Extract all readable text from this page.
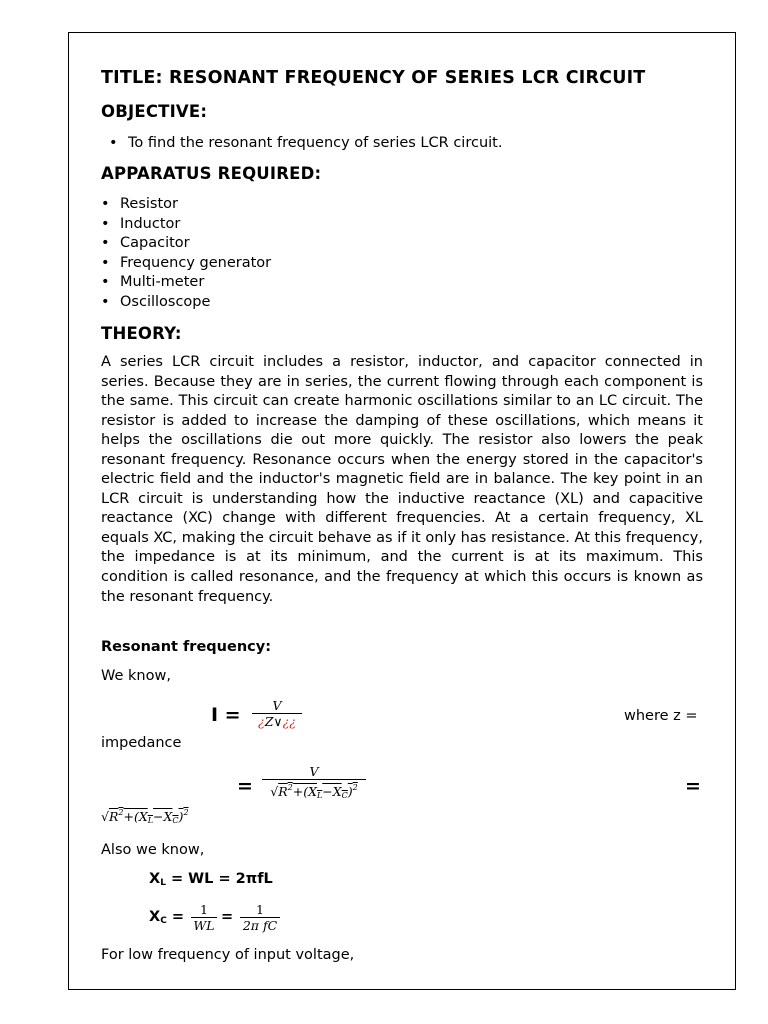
TITLE: RESONANT FREQUENCY OF SERIES LCR CIRCUIT
OBJECTIVE:
• To find the resonant frequency of series LCR circuit.
APPARATUS REQUIRED:
• Resistor
• Inductor
• Capacitor
• Frequency generator
• Multi-meter
• Oscilloscope
THEORY:

A series LCR circuit includes a resistor, inductor, and capacitor connected in series. Because they are in series, the current flowing through each component is the same. This circuit can create harmonic oscillations similar to an LC circuit. The resistor is added to increase the damping of these oscillations, which means it helps the oscillations die out more quickly. The resistor also lowers the peak resonant frequency. Resonance occurs when the energy stored in the capacitor's electric field and the inductor's magnetic field are in balance. The key point in an LCR circuit is understanding how the inductive reactance (XL) and capacitive reactance (XC) change with different frequencies. At a certain frequency, XL equals XC, making the circuit behave as if it only has resistance. At this frequency, the impedance is at its minimum, and the current is at its maximum. This condition is called resonance, and the frequency at which this occurs is known as the resonant frequency.

Resonant frequency:
We know,
$I = \frac{V}{¿Z\vee¿¿}$	where z =
impedance
= $\frac{V}{√R^2+(X_L-X_C)^2}$	=
$√R^2+(X_L-X_C)^2$
Also we know,
$X_L$ = WL = 2πfL
$X_C = \frac{1}{WL} = \frac{1}{\text{2π fC}}$
For low frequency of input voltage,
